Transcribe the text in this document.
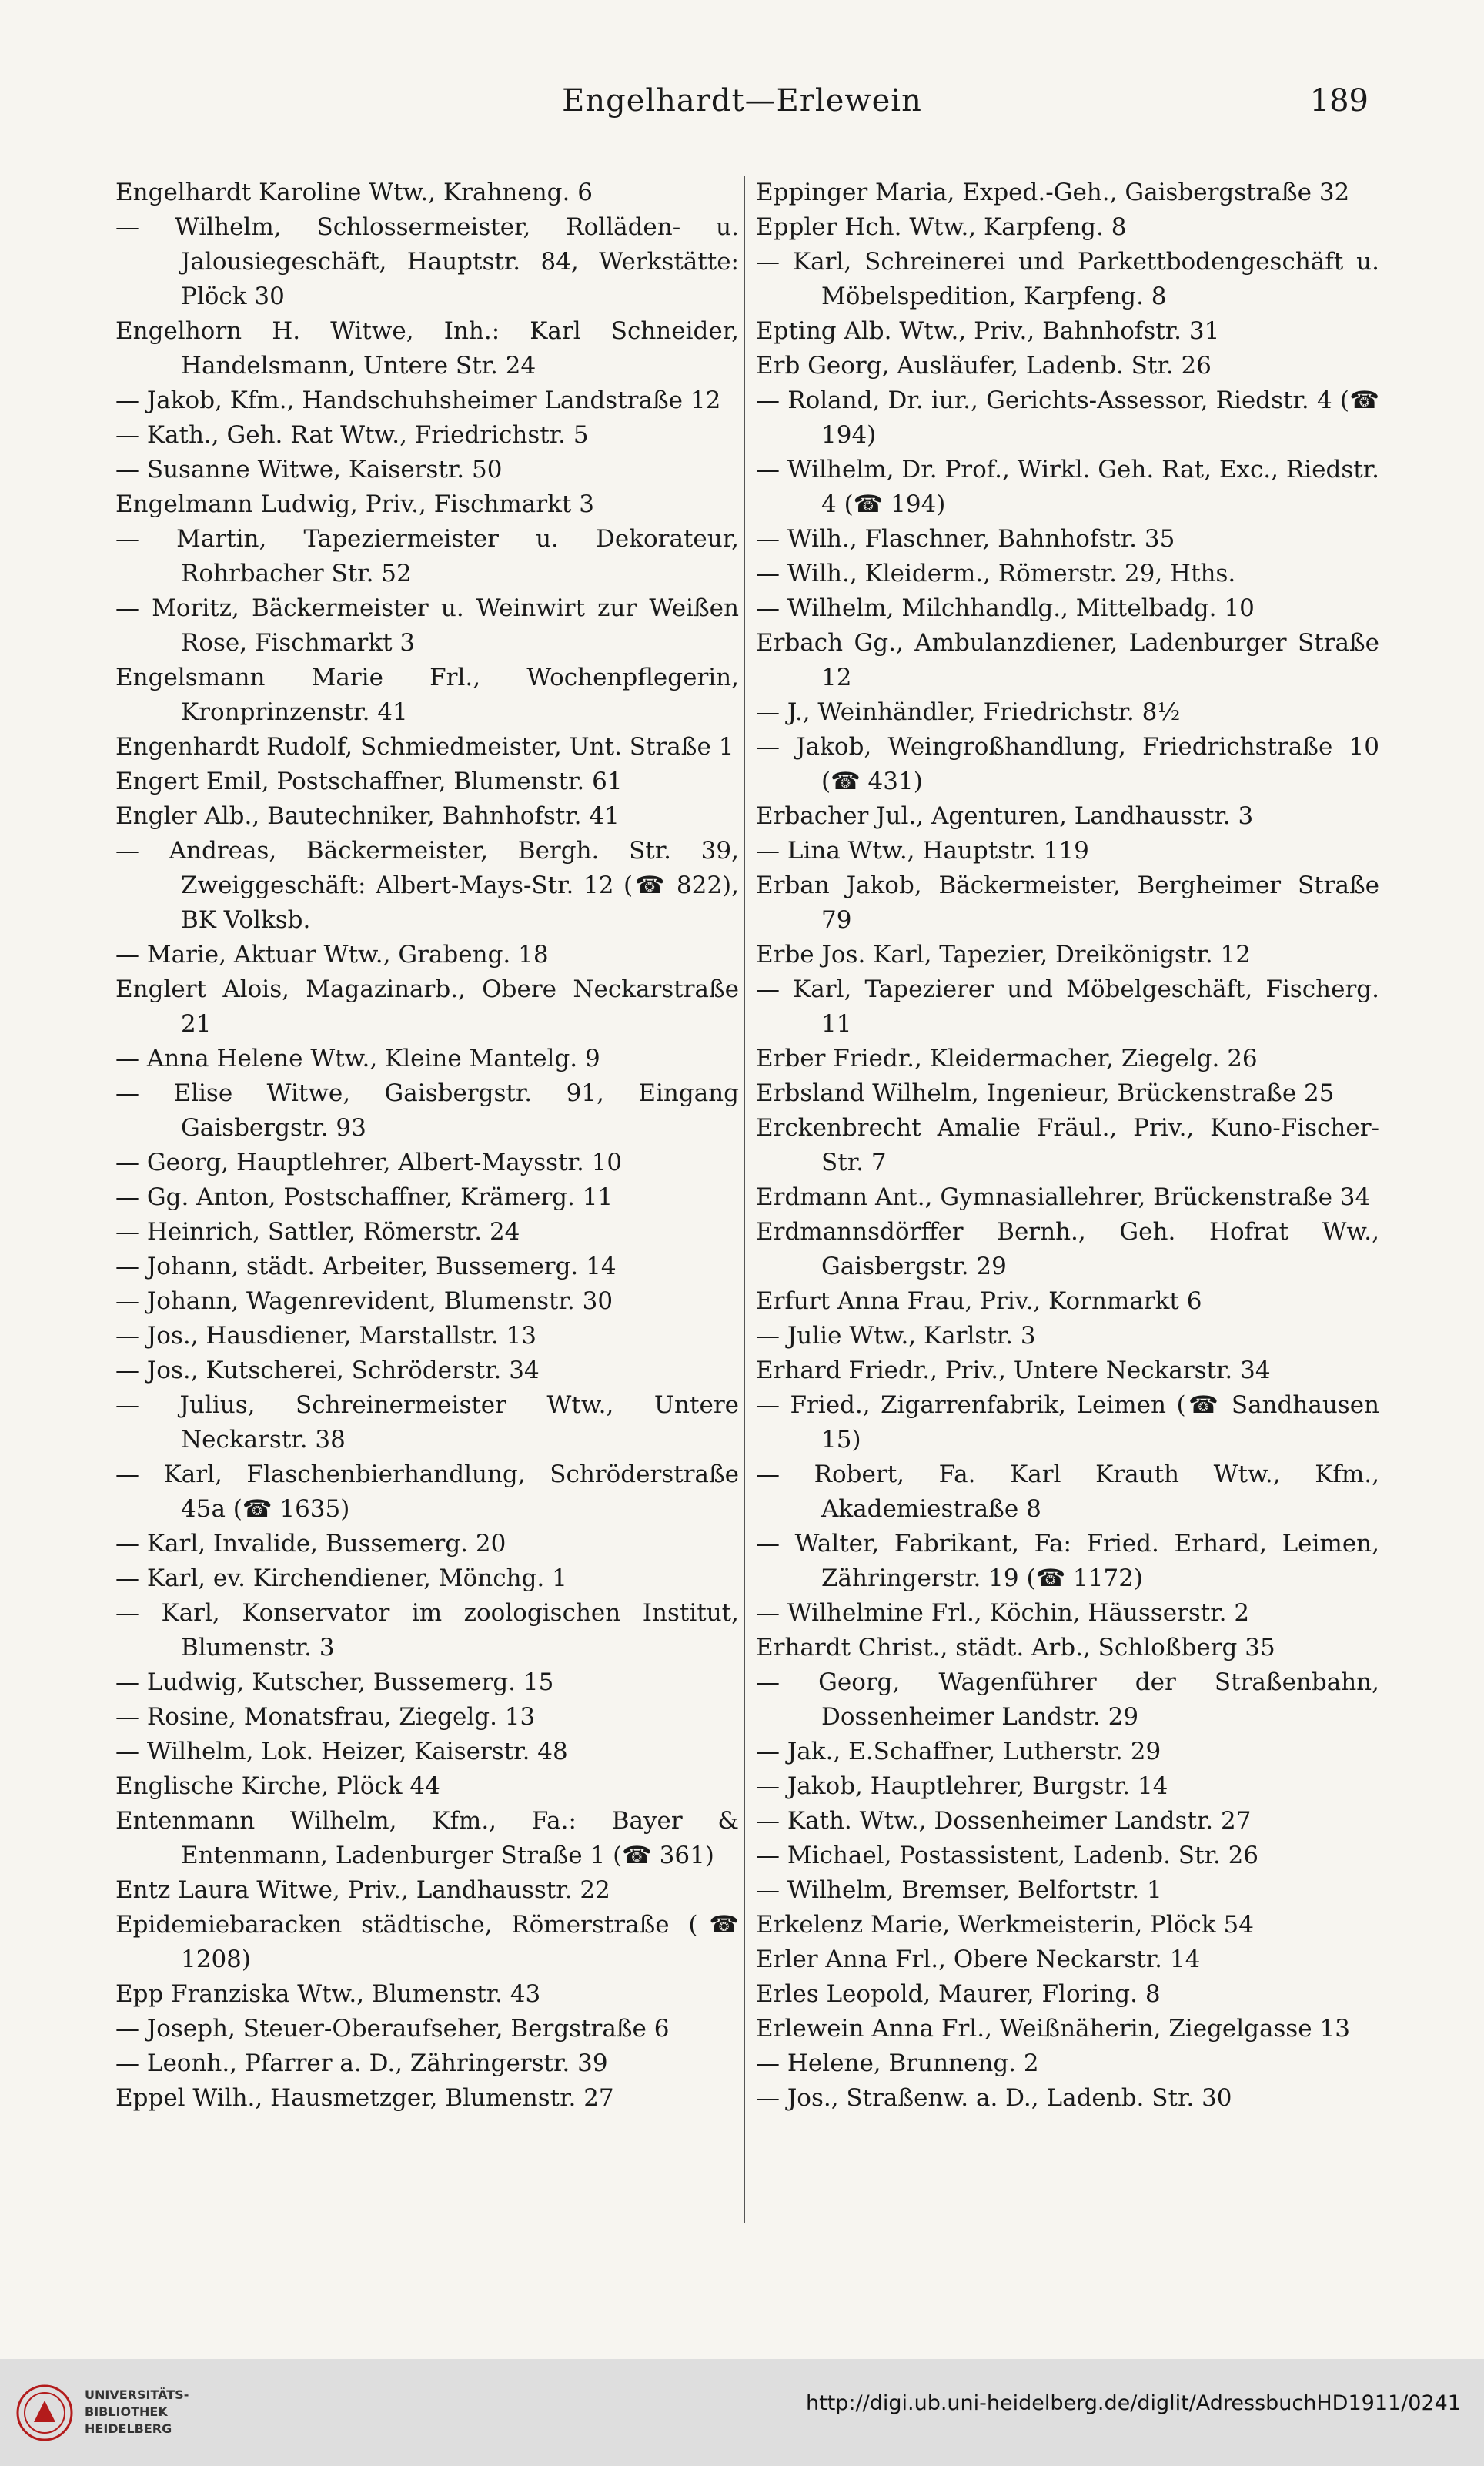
Engelhardt—Erlewein	189
Engelhardt Karoline Wtw., Krahneng. 6
— Wilhelm, Schlossermeister, Rolläden- u. Jalousiegeschäft, Hauptstr. 84, Werkstätte: Plöck 30
Engelhorn H. Witwe, Inh.: Karl Schneider, Handelsmann, Untere Str. 24
— Jakob, Kfm., Handschuhsheimer Landstraße 12
— Kath., Geh. Rat Wtw., Friedrichstr. 5
— Susanne Witwe, Kaiserstr. 50
Engelmann Ludwig, Priv., Fischmarkt 3
— Martin, Tapeziermeister u. Dekorateur, Rohrbacher Str. 52
— Moritz, Bäckermeister u. Weinwirt zur Weißen Rose, Fischmarkt 3
Engelsmann Marie Frl., Wochenpflegerin, Kronprinzenstr. 41
Engenhardt Rudolf, Schmiedmeister, Unt. Straße 1
Engert Emil, Postschaffner, Blumenstr. 61
Engler Alb., Bautechniker, Bahnhofstr. 41
— Andreas, Bäckermeister, Bergh. Str. 39, Zweiggeschäft: Albert-Mays-Str. 12 (☎ 822), BK Volksb.
— Marie, Aktuar Wtw., Grabeng. 18
Englert Alois, Magazinarb., Obere Neckarstraße 21
— Anna Helene Wtw., Kleine Mantelg. 9
— Elise Witwe, Gaisbergstr. 91, Eingang Gaisbergstr. 93
— Georg, Hauptlehrer, Albert-Maysstr. 10
— Gg. Anton, Postschaffner, Krämerg. 11
— Heinrich, Sattler, Römerstr. 24
— Johann, städt. Arbeiter, Bussemerg. 14
— Johann, Wagenrevident, Blumenstr. 30
— Jos., Hausdiener, Marstallstr. 13
— Jos., Kutscherei, Schröderstr. 34
— Julius, Schreinermeister Wtw., Untere Neckarstr. 38
— Karl, Flaschenbierhandlung, Schröderstraße 45a (☎ 1635)
— Karl, Invalide, Bussemerg. 20
— Karl, ev. Kirchendiener, Mönchg. 1
— Karl, Konservator im zoologischen Institut, Blumenstr. 3
— Ludwig, Kutscher, Bussemerg. 15
— Rosine, Monatsfrau, Ziegelg. 13
— Wilhelm, Lok. Heizer, Kaiserstr. 48
Englische Kirche, Plöck 44
Entenmann Wilhelm, Kfm., Fa.: Bayer & Entenmann, Ladenburger Straße 1 (☎ 361)
Entz Laura Witwe, Priv., Landhausstr. 22
Epidemiebaracken städtische, Römerstraße (☎ 1208)
Epp Franziska Wtw., Blumenstr. 43
— Joseph, Steuer-Oberaufseher, Bergstraße 6
— Leonh., Pfarrer a. D., Zähringerstr. 39
Eppel Wilh., Hausmetzger, Blumenstr. 27
Eppinger Maria, Exped.-Geh., Gaisbergstraße 32
Eppler Hch. Wtw., Karpfeng. 8
— Karl, Schreinerei und Parkettbodengeschäft u. Möbelspedition, Karpfeng. 8
Epting Alb. Wtw., Priv., Bahnhofstr. 31
Erb Georg, Ausläufer, Ladenb. Str. 26
— Roland, Dr. iur., Gerichts-Assessor, Riedstr. 4 (☎ 194)
— Wilhelm, Dr. Prof., Wirkl. Geh. Rat, Exc., Riedstr. 4 (☎ 194)
— Wilh., Flaschner, Bahnhofstr. 35
— Wilh., Kleiderm., Römerstr. 29, Hths.
— Wilhelm, Milchhandlg., Mittelbadg. 10
Erbach Gg., Ambulanzdiener, Ladenburger Straße 12
— J., Weinhändler, Friedrichstr. 8½
— Jakob, Weingroßhandlung, Friedrichstraße 10 (☎ 431)
Erbacher Jul., Agenturen, Landhausstr. 3
— Lina Wtw., Hauptstr. 119
Erban Jakob, Bäckermeister, Bergheimer Straße 79
Erbe Jos. Karl, Tapezier, Dreikönigstr. 12
— Karl, Tapezierer und Möbelgeschäft, Fischerg. 11
Erber Friedr., Kleidermacher, Ziegelg. 26
Erbsland Wilhelm, Ingenieur, Brückenstraße 25
Erckenbrecht Amalie Fräul., Priv., Kuno-Fischer-Str. 7
Erdmann Ant., Gymnasiallehrer, Brückenstraße 34
Erdmannsdörffer Bernh., Geh. Hofrat Ww., Gaisbergstr. 29
Erfurt Anna Frau, Priv., Kornmarkt 6
— Julie Wtw., Karlstr. 3
Erhard Friedr., Priv., Untere Neckarstr. 34
— Fried., Zigarrenfabrik, Leimen (☎ Sandhausen 15)
— Robert, Fa. Karl Krauth Wtw., Kfm., Akademiestraße 8
— Walter, Fabrikant, Fa: Fried. Erhard, Leimen, Zähringerstr. 19 (☎ 1172)
— Wilhelmine Frl., Köchin, Häusserstr. 2
Erhardt Christ., städt. Arb., Schloßberg 35
— Georg, Wagenführer der Straßenbahn, Dossenheimer Landstr. 29
— Jak., E.Schaffner, Lutherstr. 29
— Jakob, Hauptlehrer, Burgstr. 14
— Kath. Wtw., Dossenheimer Landstr. 27
— Michael, Postassistent, Ladenb. Str. 26
— Wilhelm, Bremser, Belfortstr. 1
Erkelenz Marie, Werkmeisterin, Plöck 54
Erler Anna Frl., Obere Neckarstr. 14
Erles Leopold, Maurer, Floring. 8
Erlewein Anna Frl., Weißnäherin, Ziegelgasse 13
— Helene, Brunneng. 2
— Jos., Straßenw. a. D., Ladenb. Str. 30
UNIVERSITÄTS-
BIBLIOTHEK
HEIDELBERG
http://digi.ub.uni-heidelberg.de/diglit/AdressbuchHD1911/0241
